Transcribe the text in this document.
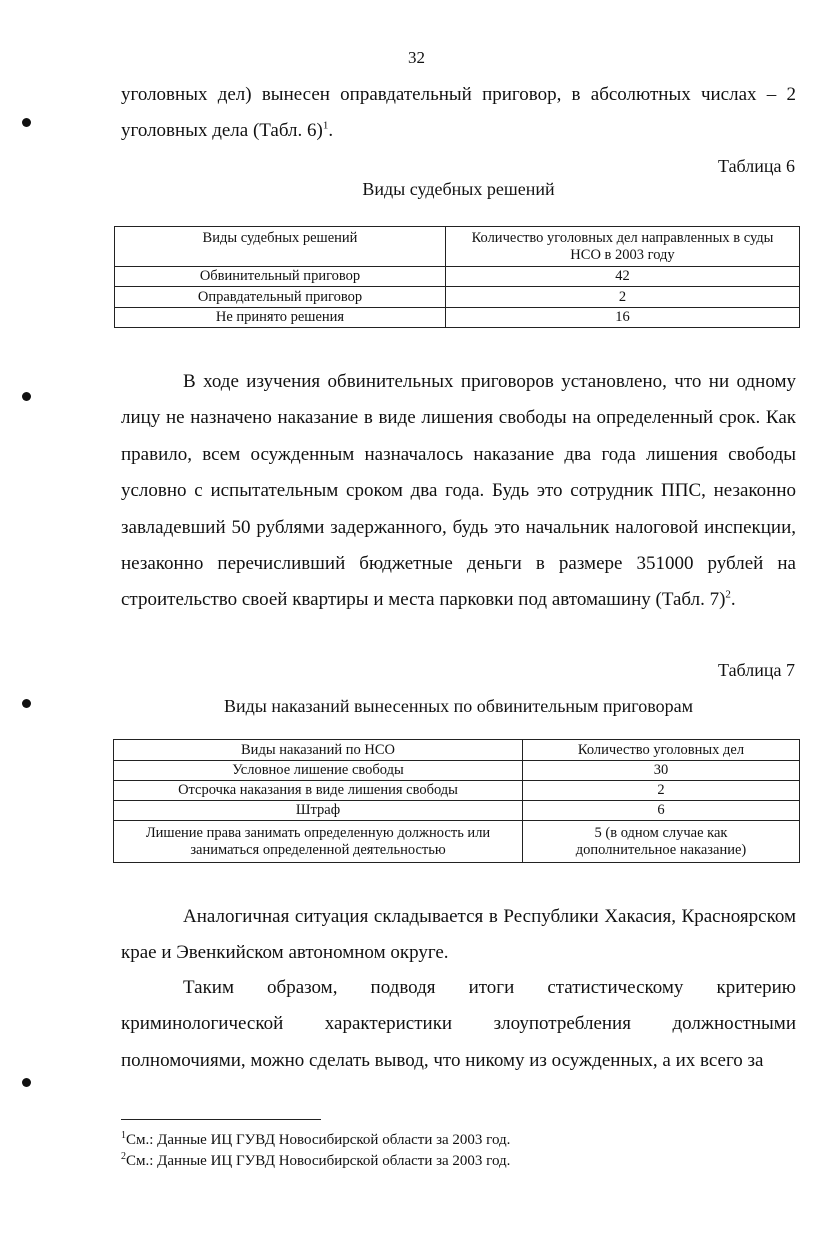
32

уголовных дел) вынесен оправдательный приговор, в абсолютных числах – 2

уголовных дела (Табл. 6)$^1$.

Таблица 6
Виды судебных решений
Виды судебных решений	Количество уголовных дел направленных в суды НСО в 2003 году
Обвинительный приговор	42
Оправдательный приговор	2
Не принято решения	16

В ходе изучения обвинительных приговоров установлено, что ни одному лицу не назначено наказание в виде лишения свободы на определенный срок. Как правило, всем осужденным назначалось наказание два года лишения свободы условно с испытательным сроком два года. Будь это сотрудник ППС, незаконно завладевший 50 рублями задержанного, будь это начальник налоговой инспекции, незаконно перечисливший бюджетные деньги в размере 351000 рублей на строительство своей квартиры и места парковки под автомашину (Табл. 7)$^2$.

Таблица 7
Виды наказаний вынесенных по обвинительным приговорам
Виды наказаний по НСО	Количество уголовных дел
Условное лишение свободы	30
Отсрочка наказания в виде лишения свободы	2
Штраф	6
Лишение права занимать определенную должность или заниматься определенной деятельностью	5 (в одном случае как дополнительное наказание)

Аналогичная ситуация складывается в Республики Хакасия, Красноярском крае и Эвенкийском автономном округе.

Таким образом, подводя итоги статистическому критерию криминологической характеристики злоупотребления должностными полномочиями, можно сделать вывод, что никому из осужденных, а их всего за

$^1$См.: Данные ИЦ ГУВД Новосибирской области за 2003 год.
$^2$См.: Данные ИЦ ГУВД Новосибирской области за 2003 год.
